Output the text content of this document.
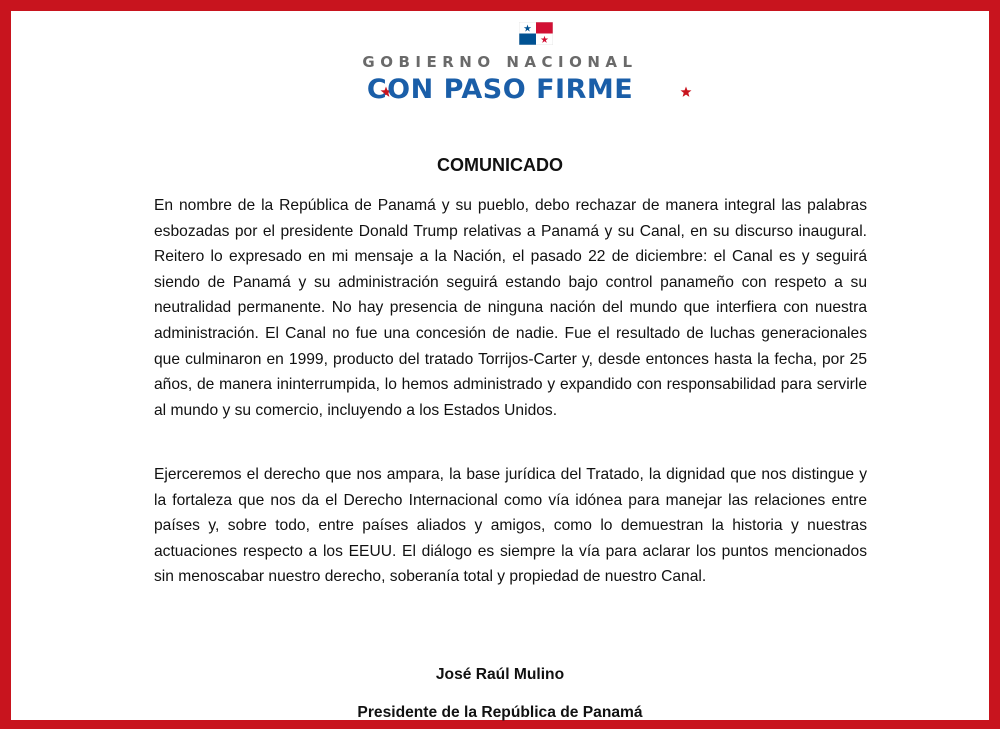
GOBIERNO NACIONAL
CON PASO FIRME
COMUNICADO

En nombre de la República de Panamá y su pueblo, debo rechazar de manera integral las palabras esbozadas por el presidente Donald Trump relativas a Panamá y su Canal, en su discurso inaugural. Reitero lo expresado en mi mensaje a la Nación, el pasado 22 de diciembre: el Canal es y seguirá siendo de Panamá y su administración seguirá estando bajo control panameño con respeto a su neutralidad permanente. No hay presencia de ninguna nación del mundo que interfiera con nuestra administración. El Canal no fue una concesión de nadie. Fue el resultado de luchas generacionales que culminaron en 1999, producto del tratado Torrijos-Carter y, desde entonces hasta la fecha, por 25 años, de manera ininterrumpida, lo hemos administrado y expandido con responsabilidad para servirle al mundo y su comercio, incluyendo a los Estados Unidos.

Ejerceremos el derecho que nos ampara, la base jurídica del Tratado, la dignidad que nos distingue y la fortaleza que nos da el Derecho Internacional como vía idónea para manejar las relaciones entre países y, sobre todo, entre países aliados y amigos, como lo demuestran la historia y nuestras actuaciones respecto a los EEUU. El diálogo es siempre la vía para aclarar los puntos mencionados sin menoscabar nuestro derecho, soberanía total y propiedad de nuestro Canal.

José Raúl Mulino
Presidente de la República de Panamá
